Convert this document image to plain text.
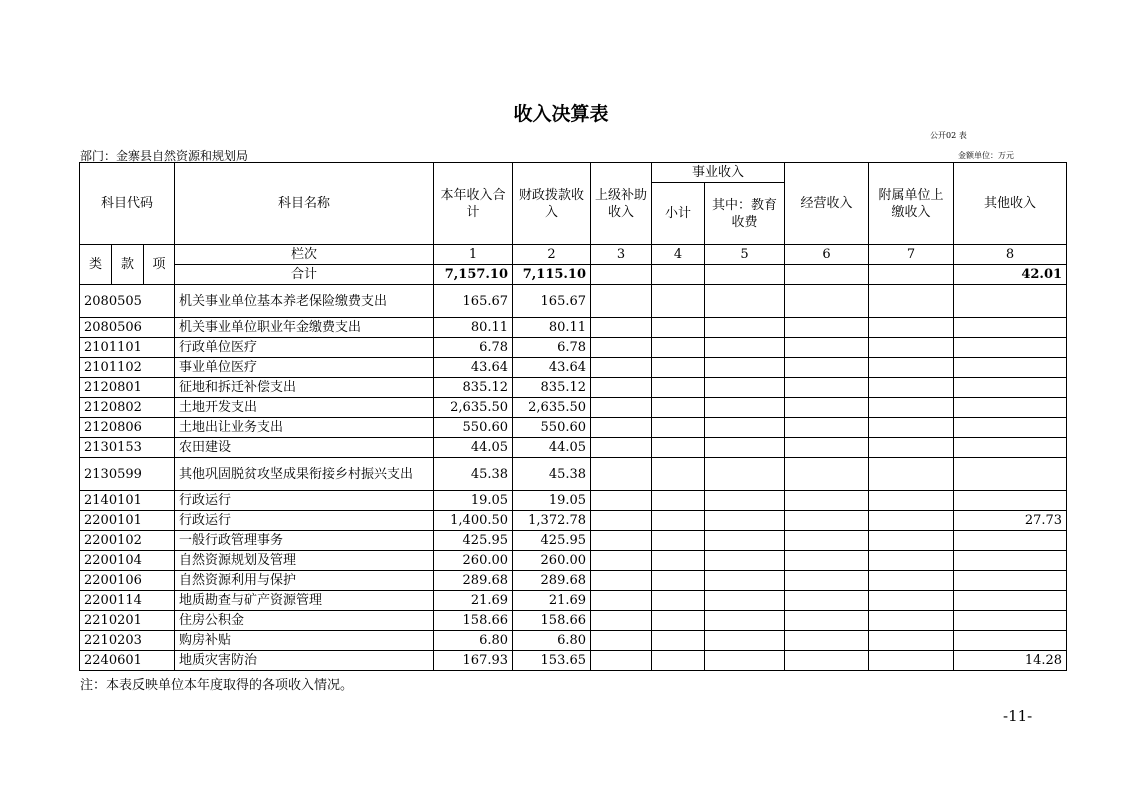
收入决算表
公开02 表
部门：金寨县自然资源和规划局	金额单位：万元
科目代码			科目名称	本年收入合计	财政拨款收入	上级补助收入	事业收入		经营收入	附属单位上缴收入	其他收入
							小计	其中：教育收费			
类	款	项	栏次	1	2	3	4	5	6	7	8
			合计	7,157.10	7,115.10						42.01
2080505			机关事业单位基本养老保险缴费支出	165.67	165.67						
2080506			机关事业单位职业年金缴费支出	80.11	80.11						
2101101			行政单位医疗	6.78	6.78						
2101102			事业单位医疗	43.64	43.64						
2120801			征地和拆迁补偿支出	835.12	835.12						
2120802			土地开发支出	2,635.50	2,635.50						
2120806			土地出让业务支出	550.60	550.60						
2130153			农田建设	44.05	44.05						
2130599			其他巩固脱贫攻坚成果衔接乡村振兴支出	45.38	45.38						
2140101			行政运行	19.05	19.05						
2200101			行政运行	1,400.50	1,372.78						27.73
2200102			一般行政管理事务	425.95	425.95						
2200104			自然资源规划及管理	260.00	260.00						
2200106			自然资源利用与保护	289.68	289.68						
2200114			地质勘查与矿产资源管理	21.69	21.69						
2210201			住房公积金	158.66	158.66						
2210203			购房补贴	6.80	6.80						
2240601			地质灾害防治	167.93	153.65						14.28
注：本表反映单位本年度取得的各项收入情况。
-11-
